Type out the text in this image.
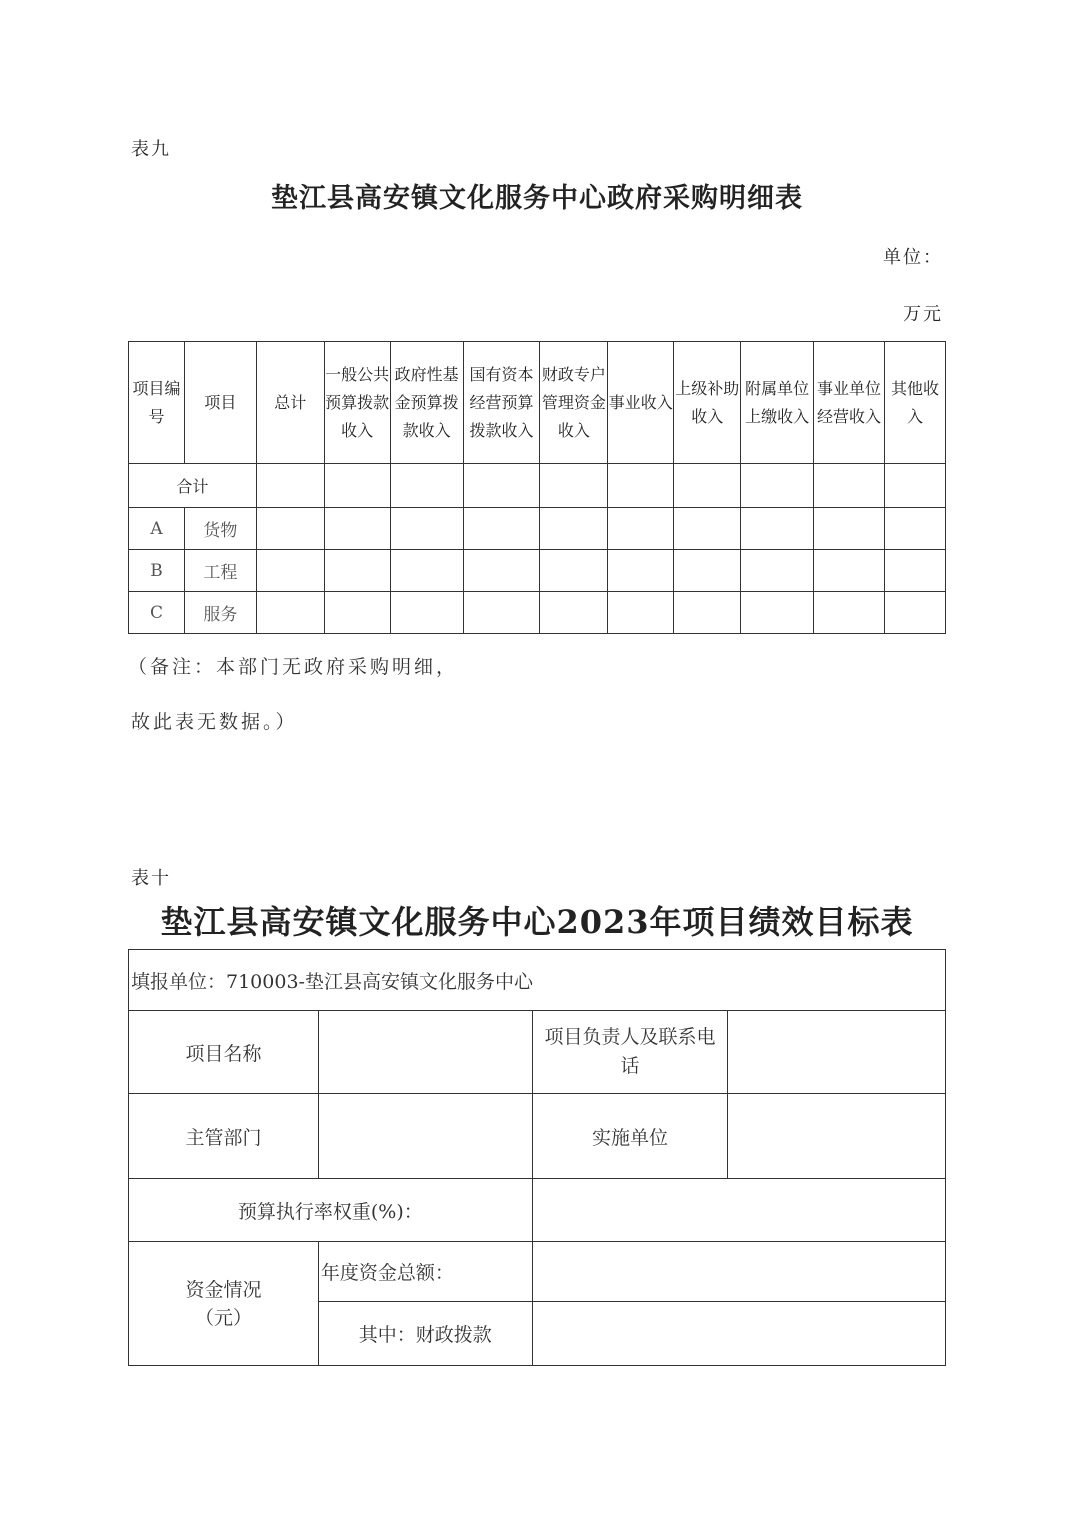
表九
垫江县高安镇文化服务中心政府采购明细表
单位：
万元
项目编号	项目	总计	一般公共预算拨款收入	政府性基金预算拨款收入	国有资本经营预算拨款收入	财政专户管理资金收入	事业收入	上级补助收入	附属单位上缴收入	事业单位经营收入	其他收入
合计											
A	货物										
B	工程										
C	服务										
（备注：本部门无政府采购明细，
故此表无数据。）
表十
垫江县高安镇文化服务中心2023年项目绩效目标表
填报单位：710003-垫江县高安镇文化服务中心			
项目名称		项目负责人及联系电话	
主管部门		实施单位	
预算执行率权重(%)：			
资金情况（元）	年度资金总额：		
	其中：财政拨款		
